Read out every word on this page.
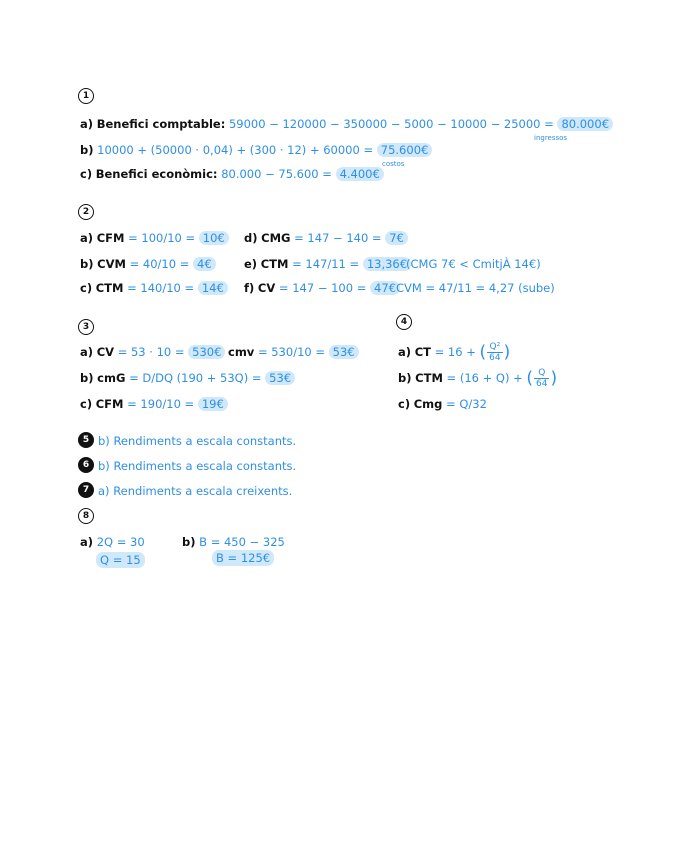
1
a) Benefici comptable: 59000 − 120000 − 350000 − 5000 − 10000 − 25000 = 80.000€
ingressos
b) 10000 + (50000 · 0,04) + (300 · 12) + 60000 = 75.600€
costos
c) Benefici econòmic: 80.000 − 75.600 = 4.400€
2
a) CFM = 100/10 = 10€	d) CMG = 147 − 140 = 7€
b) CVM = 40/10 = 4€	e) CTM = 147/11 = 13,36€
(CMG 7€ < CmitjÀ 14€)
c) CTM = 140/10 = 14€	f) CV = 147 − 100 = 47€ CVM = 47/11 = 4,27 (sube)
3
a) CV = 53 · 10 = 530€ cmv = 530/10 = 53€
b) cmG = D/DQ (190 + 53Q) = 53€
c) CFM = 190/10 = 19€
4
a) CT = 16 + ( $\frac{\text{Q²}}{64}$ )
b) CTM = (16 + Q) + ( $\frac{Q}{64}$ )
c) Cmg = Q/32
5 b) Rendiments a escala constants.
6 b) Rendiments a escala constants.
7 a) Rendiments a escala creixents.
8
a) 2Q = 30
Q = 15
b) B = 450 − 325
B = 125€
